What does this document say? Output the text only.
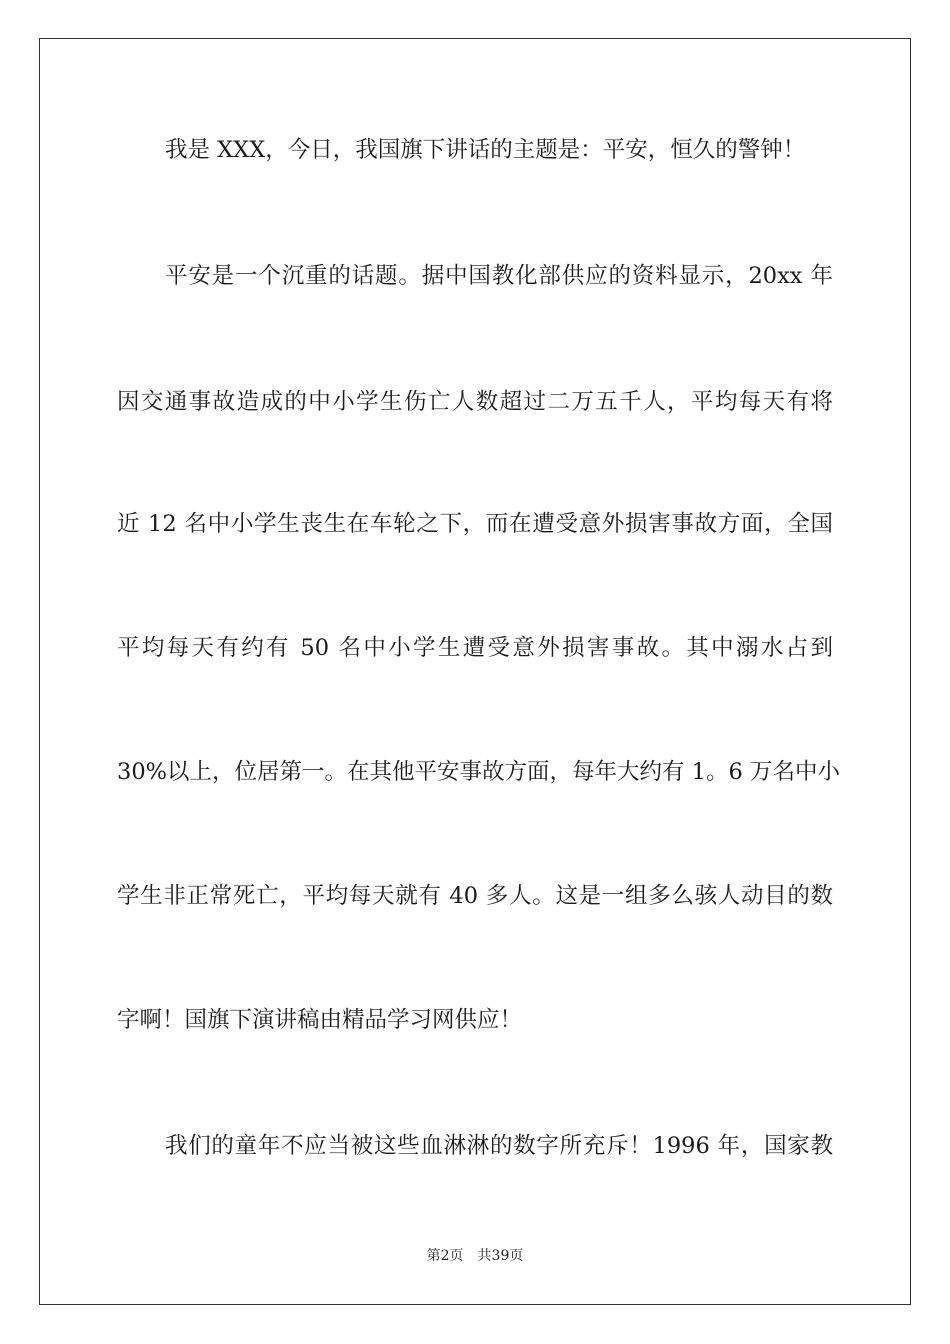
我是 XXX，今日，我国旗下讲话的主题是：平安，恒久的警钟！
平安是一个沉重的话题。据中国教化部供应的资料显示，20xx 年
因交通事故造成的中小学生伤亡人数超过二万五千人，平均每天有将
近 12 名中小学生丧生在车轮之下，而在遭受意外损害事故方面，全国
平均每天有约有 50 名中小学生遭受意外损害事故。其中溺水占到
30%以上，位居第一。在其他平安事故方面，每年大约有 1。6 万名中小
学生非正常死亡，平均每天就有 40 多人。这是一组多么骇人动目的数
字啊！国旗下演讲稿由精品学习网供应！
我们的童年不应当被这些血淋淋的数字所充斥！1996 年，国家教
第2页 共39页
